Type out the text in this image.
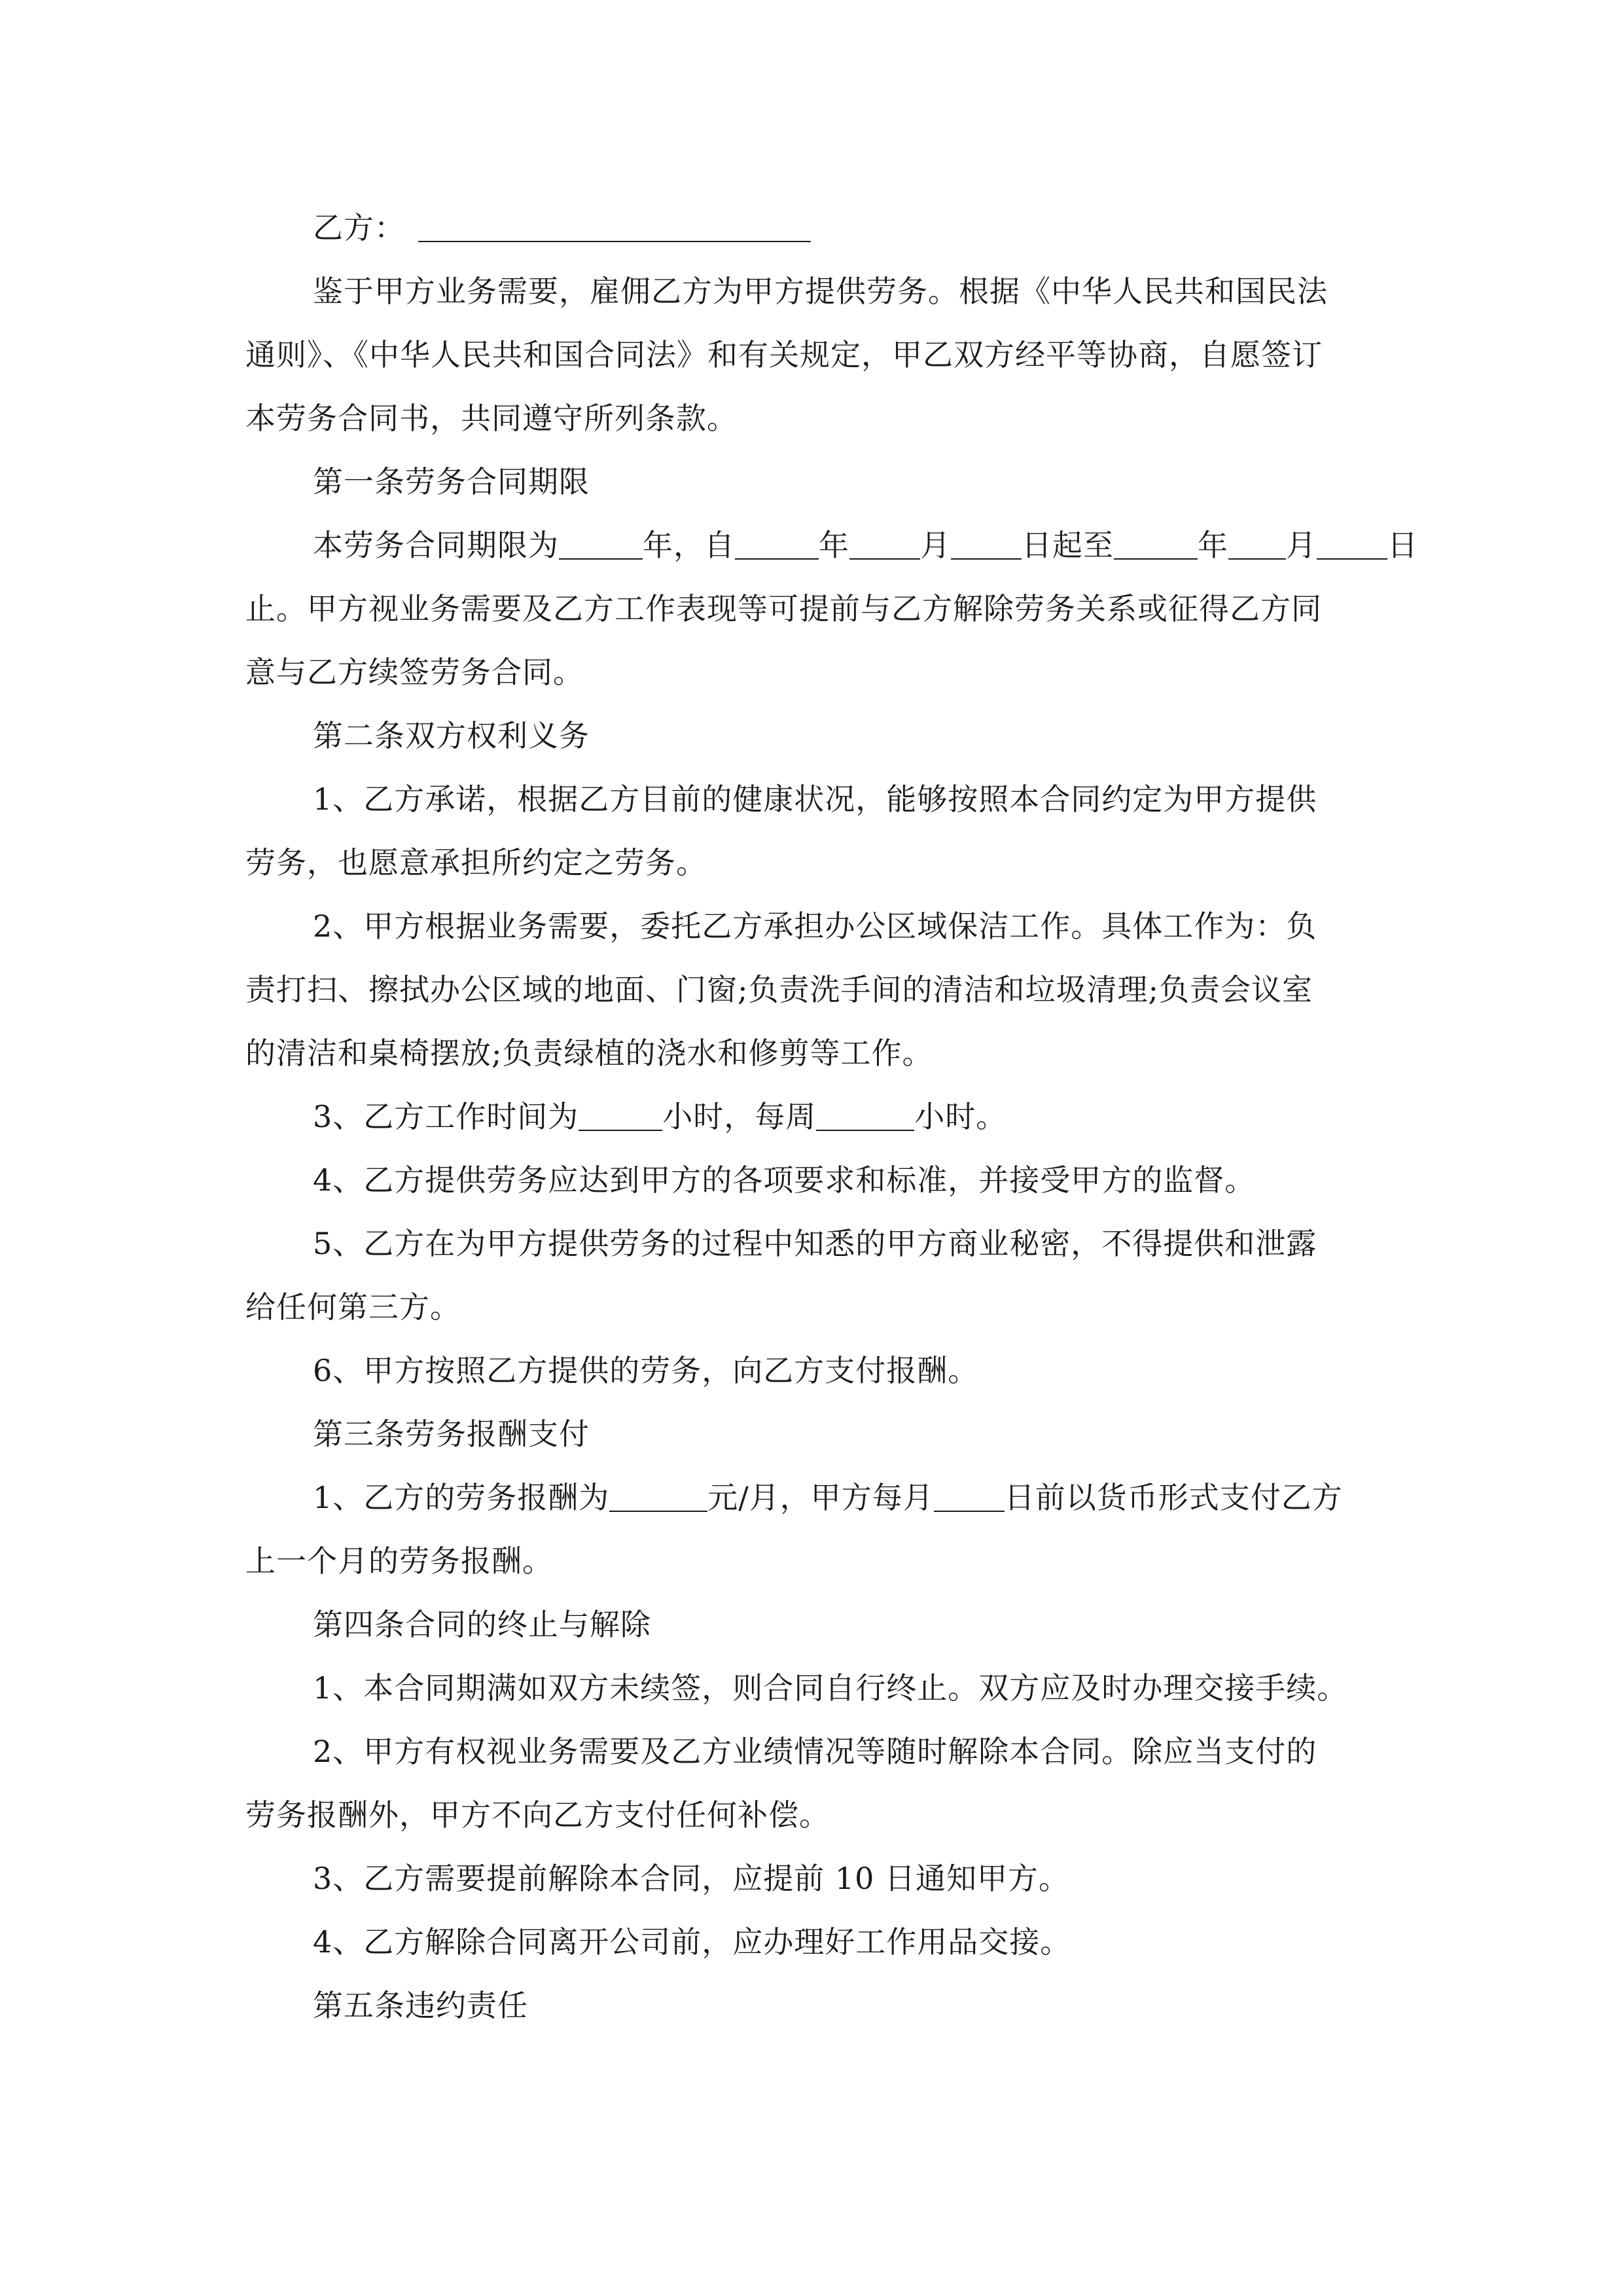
乙方：
鉴于甲方业务需要，雇佣乙方为甲方提供劳务。根据《中华人民共和国民法
通则》、《中华人民共和国合同法》和有关规定，甲乙双方经平等协商，自愿签订
本劳务合同书，共同遵守所列条款。
第一条劳务合同期限
本劳务合同期限为	年，自	年 月 日起至	年 月 日
止。甲方视业务需要及乙方工作表现等可提前与乙方解除劳务关系或征得乙方同
意与乙方续签劳务合同。
第二条双方权利义务
1、乙方承诺，根据乙方目前的健康状况，能够按照本合同约定为甲方提供
劳务，也愿意承担所约定之劳务。
2、甲方根据业务需要，委托乙方承担办公区域保洁工作。具体工作为：负
责打扫、擦拭办公区域的地面、门窗;负责洗手间的清洁和垃圾清理;负责会议室
的清洁和桌椅摆放;负责绿植的浇水和修剪等工作。
3、乙方工作时间为	小时，每周	小时。
4、乙方提供劳务应达到甲方的各项要求和标准，并接受甲方的监督。
5、乙方在为甲方提供劳务的过程中知悉的甲方商业秘密，不得提供和泄露
给任何第三方。
6、甲方按照乙方提供的劳务，向乙方支付报酬。
第三条劳务报酬支付
1、乙方的劳务报酬为	元/月，甲方每月 日前以货币形式支付乙方
上一个月的劳务报酬。
第四条合同的终止与解除
1、本合同期满如双方未续签，则合同自行终止。双方应及时办理交接手续。
2、甲方有权视业务需要及乙方业绩情况等随时解除本合同。除应当支付的
劳务报酬外，甲方不向乙方支付任何补偿。
3、乙方需要提前解除本合同，应提前 10 日通知甲方。
4、乙方解除合同离开公司前，应办理好工作用品交接。
第五条违约责任
